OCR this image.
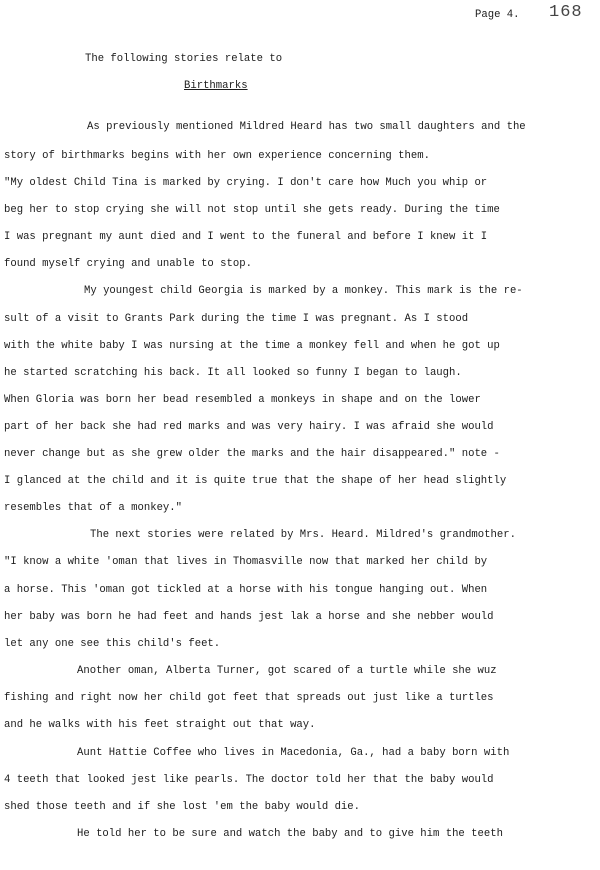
Page 4. 168
The following stories relate to
Birthmarks
As previously mentioned Mildred Heard has two small daughters and the
story of birthmarks begins with her own experience concerning them.
"My oldest Child Tina is marked by crying. I don't care how Much you whip or
beg her to stop crying she will not stop until she gets ready. During the time
I was pregnant my aunt died and I went to the funeral and before I knew it I
found myself crying and unable to stop.
My youngest child Georgia is marked by a monkey. This mark is the re-
sult of a visit to Grants Park during the time I was pregnant. As I stood
with the white baby I was nursing at the time a monkey fell and when he got up
he started scratching his back. It all looked so funny I began to laugh.
When Gloria was born her bead resembled a monkeys in shape and on the lower
part of her back she had red marks and was very hairy. I was afraid she would
never change but as she grew older the marks and the hair disappeared." note -
I glanced at the child and it is quite true that the shape of her head slightly
resembles that of a monkey."
The next stories were related by Mrs. Heard. Mildred's grandmother.
"I know a white 'oman that lives in Thomasville now that marked her child by
a horse. This 'oman got tickled at a horse with his tongue hanging out. When
her baby was born he had feet and hands jest lak a horse and she nebber would
let any one see this child's feet.
Another oman, Alberta Turner, got scared of a turtle while she wuz
fishing and right now her child got feet that spreads out just like a turtles
and he walks with his feet straight out that way.
Aunt Hattie Coffee who lives in Macedonia, Ga., had a baby born with
4 teeth that looked jest like pearls. The doctor told her that the baby would
shed those teeth and if she lost 'em the baby would die.
He told her to be sure and watch the baby and to give him the teeth
